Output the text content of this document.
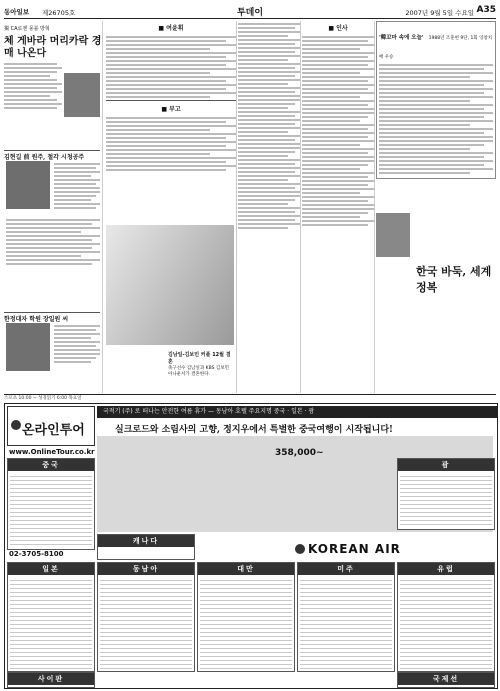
동아일보 제26705호	투데이	2007년 9월 5일 수요일 A35
獨 CA로젠 몽블 방혁
체 게바라 머리카락 경매 나온다
김현길 前 원주, 철각 시청공주
한정대자 학원 장일원 씨
■ 여윤휘
■ 부고
김남일-김보민 커플 12월 결혼
축구선수 김남일과 KBS 김보민 아나운서가 결혼한다.
■ 인사
'韓꼬마 속에 오늘' 1988년 조훈현 9단, 1회 잉창치배 우승
한국 바둑, 세계 정복
스포츠 10:00 ~ 성경읽기 6:00 목요일
온라인투어
국적기 (주) 로 떠나는 안전한 여름 휴가 — 동남아 호텔 주요지명 중국 · 일본 · 괌
www.OnlineTour.co.kr
실크로드와 소림사의 고향, 정지우에서 특별한 중국여행이 시작됩니다!
358,000~
KOREAN AIR
중국
02-3705-8100
일본	동남아	대만	미주
괌
유럽
캐나다
사이판	국제선
